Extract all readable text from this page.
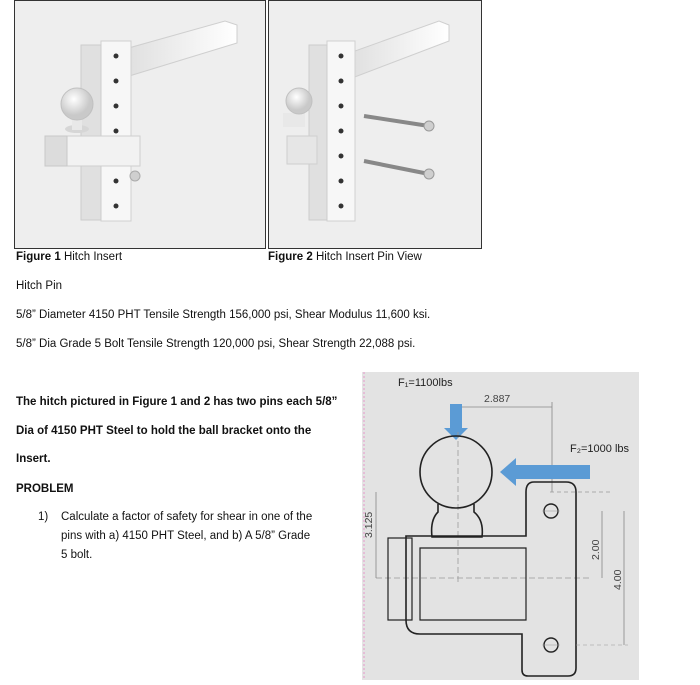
Figure 1 Hitch Insert	Figure 2 Hitch Insert Pin View
Hitch Pin
5/8” Diameter 4150 PHT Tensile Strength 156,000 psi, Shear Modulus 11,600 ksi.
5/8” Dia Grade 5 Bolt Tensile Strength 120,000 psi, Shear Strength 22,088 psi.
The hitch pictured in Figure 1 and 2 has two pins each 5/8”
Dia of 4150 PHT Steel to hold the ball bracket onto the
Insert.
PROBLEM
1) Calculate a factor of safety for shear in one of the
pins with a) 4150 PHT Steel, and b) A 5/8” Grade
5 bolt.
F₁=1100lbs
2.887
F₂=1000 lbs
3.125
2.00
4.00
